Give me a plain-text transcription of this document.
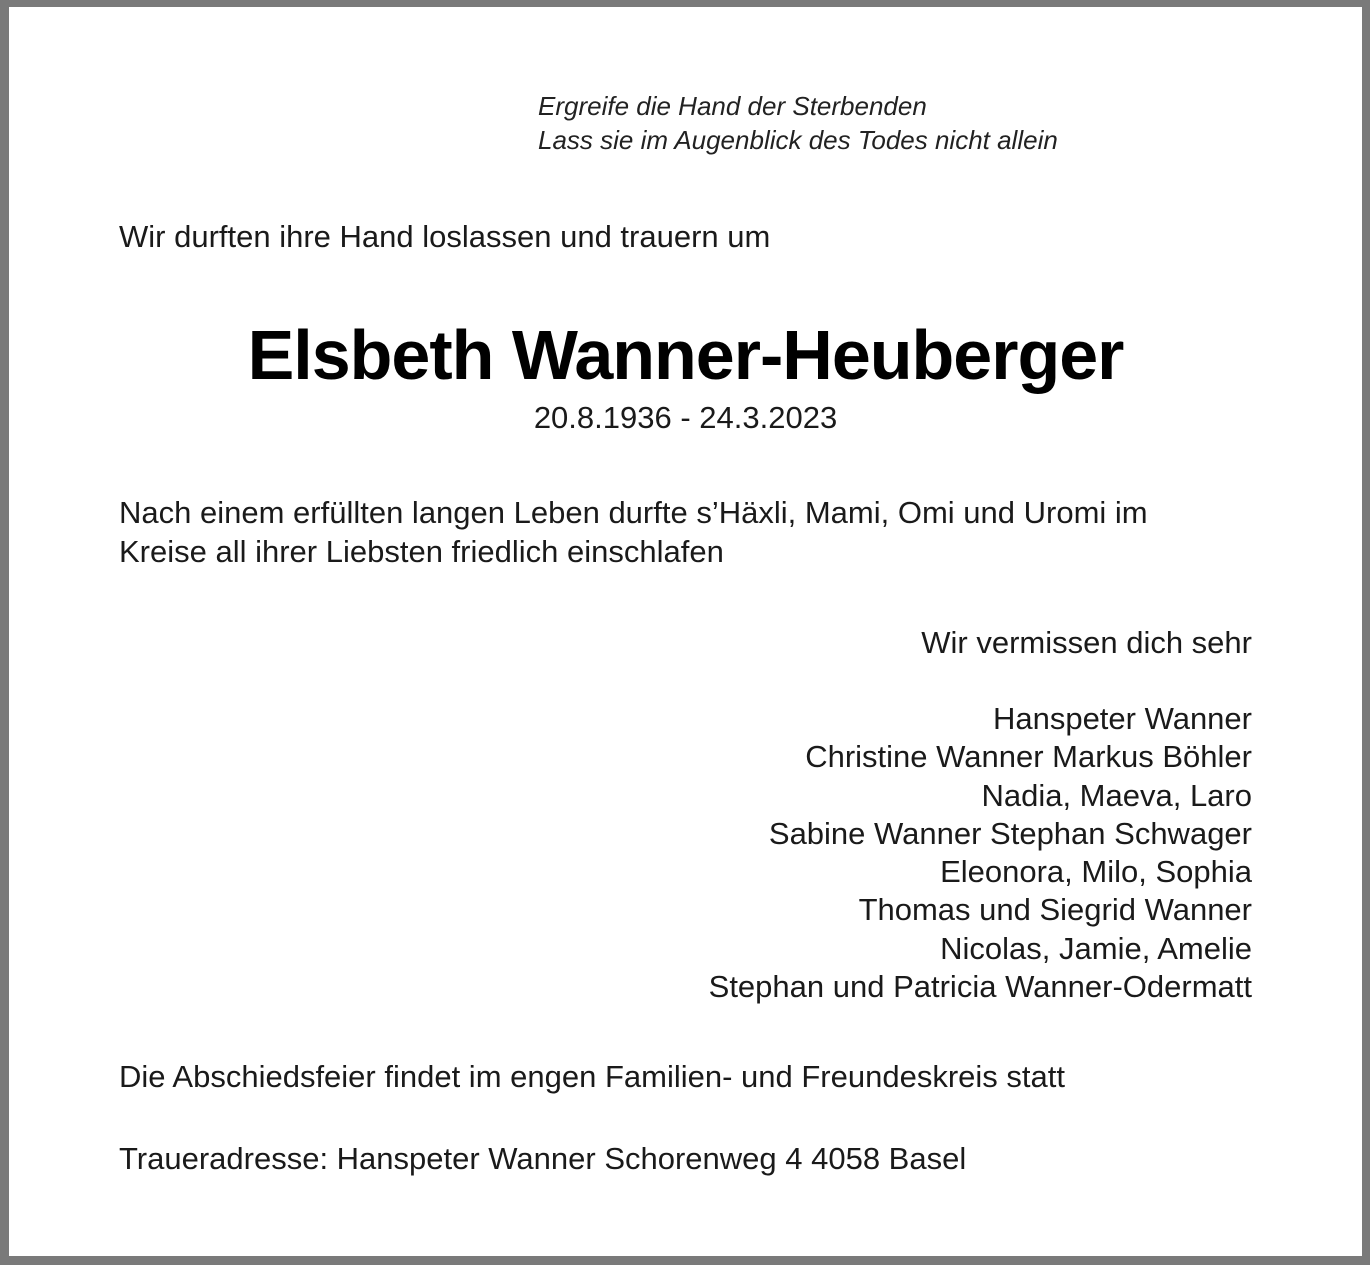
Ergreife die Hand der Sterbenden
Lass sie im Augenblick des Todes nicht allein
Wir durften ihre Hand loslassen und trauern um
Elsbeth Wanner-Heuberger
20.8.1936 - 24.3.2023
Nach einem erfüllten langen Leben durfte s’Häxli, Mami, Omi und Uromi im
Kreise all ihrer Liebsten friedlich einschlafen
Wir vermissen dich sehr
Hanspeter Wanner
Christine Wanner Markus Böhler
Nadia, Maeva, Laro
Sabine Wanner Stephan Schwager
Eleonora, Milo, Sophia
Thomas und Siegrid Wanner
Nicolas, Jamie, Amelie
Stephan und Patricia Wanner-Odermatt
Die Abschiedsfeier findet im engen Familien- und Freundeskreis statt
Traueradresse: Hanspeter Wanner Schorenweg 4 4058 Basel
